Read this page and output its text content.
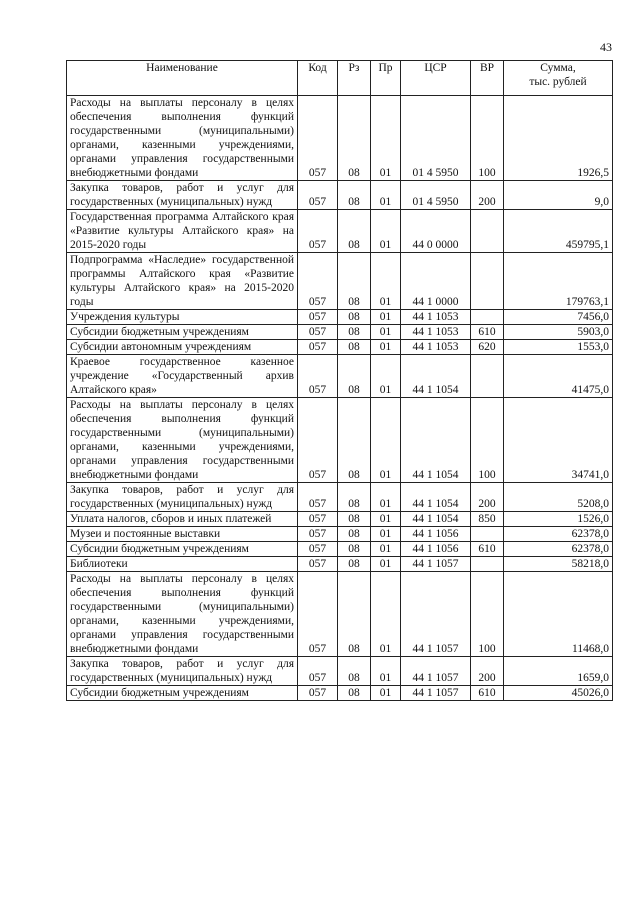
43
Наименование	Код	Рз	Пр	ЦСР	ВР	Сумма,
тыс. рублей

Расходы на выплаты персоналу в целях обеспечения выполнения функций государственными (муниципальными) органами, казенными учреждениями, органами управления государственными внебюджетными фондами	057	08	01	01 4 5950	100	1926,5
Закупка товаров, работ и услуг для государственных (муниципальных) нужд	057	08	01	01 4 5950	200	9,0
Государственная программа Алтайского края «Развитие культуры Алтайского края» на 2015-2020 годы	057	08	01	44 0 0000		459795,1
Подпрограмма «Наследие» государственной программы Алтайского края «Развитие культуры Алтайского края» на 2015-2020 годы	057	08	01	44 1 0000		179763,1
Учреждения культуры	057	08	01	44 1 1053		7456,0
Субсидии бюджетным учреждениям	057	08	01	44 1 1053	610	5903,0
Субсидии автономным учреждениям	057	08	01	44 1 1053	620	1553,0
Краевое государственное казенное учреждение «Государственный архив Алтайского края»	057	08	01	44 1 1054		41475,0
Расходы на выплаты персоналу в целях обеспечения выполнения функций государственными (муниципальными) органами, казенными учреждениями, органами управления государственными внебюджетными фондами	057	08	01	44 1 1054	100	34741,0
Закупка товаров, работ и услуг для государственных (муниципальных) нужд	057	08	01	44 1 1054	200	5208,0
Уплата налогов, сборов и иных платежей	057	08	01	44 1 1054	850	1526,0
Музеи и постоянные выставки	057	08	01	44 1 1056		62378,0
Субсидии бюджетным учреждениям	057	08	01	44 1 1056	610	62378,0
Библиотеки	057	08	01	44 1 1057		58218,0
Расходы на выплаты персоналу в целях обеспечения выполнения функций государственными (муниципальными) органами, казенными учреждениями, органами управления государственными внебюджетными фондами	057	08	01	44 1 1057	100	11468,0
Закупка товаров, работ и услуг для государственных (муниципальных) нужд	057	08	01	44 1 1057	200	1659,0
Субсидии бюджетным учреждениям	057	08	01	44 1 1057	610	45026,0
